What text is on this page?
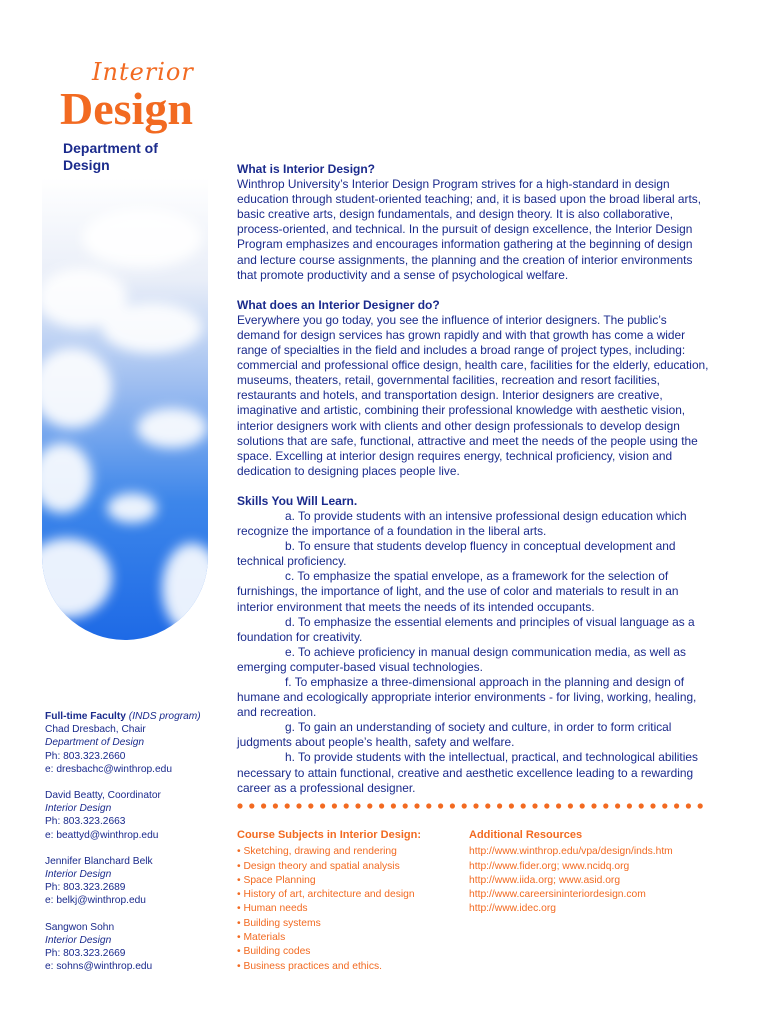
Interior
Design
Department of Design	What is Interior Design?

Winthrop University’s Interior Design Program strives for a high-standard in design education through student-oriented teaching; and, it is based upon the broad liberal arts, basic creative arts, design fundamentals, and design theory. It is also collaborative, process-oriented, and technical. In the pursuit of design excellence, the Interior Design Program emphasizes and encourages information gathering at the beginning of design and lecture course assignments, the planning and the creation of interior environments that promote productivity and a sense of psychological welfare.

What does an Interior Designer do?

Everywhere you go today, you see the influence of interior designers. The public’s demand for design services has grown rapidly and with that growth has come a wider range of specialties in the field and includes a broad range of project types, including: commercial and professional office design, health care, facilities for the elderly, education, museums, theaters, retail, governmental facilities, recreation and resort facilities, restaurants and hotels, and transportation design. Interior designers are creative, imaginative and artistic, combining their professional knowledge with aesthetic vision, interior designers work with clients and other design professionals to develop design solutions that are safe, functional, attractive and meet the needs of the people using the space. Excelling at interior design requires energy, technical proficiency, vision and dedication to designing places people live.

Skills You Will Learn.

a. To provide students with an intensive professional design education which recognize the importance of a foundation in the liberal arts.

b. To ensure that students develop fluency in conceptual development and technical proficiency.

c. To emphasize the spatial envelope, as a framework for the selection of furnishings, the importance of light, and the use of color and materials to result in an interior environment that meets the needs of its intended occupants.

d. To emphasize the essential elements and principles of visual language as a foundation for creativity.

e. To achieve proficiency in manual design communication media, as well as emerging computer-based visual technologies.

f. To emphasize a three-dimensional approach in the planning and design of humane and ecologically appropriate interior environments - for living, working, healing, and recreation.

g. To gain an understanding of society and culture, in order to form critical judgments about people’s health, safety and welfare.

h. To provide students with the intellectual, practical, and technological abilities necessary to attain functional, creative and aesthetic excellence leading to a rewarding career as a professional designer.

Full-time Faculty (INDS program)
Chad Dresbach, Chair
Department of Design
Ph: 803.323.2660
e: dresbachc@winthrop.edu
David Beatty, Coordinator
Interior Design
Ph: 803.323.2663
e: beattyd@winthrop.edu
Jennifer Blanchard Belk
Interior Design
Ph: 803.323.2689
e: belkj@winthrop.edu
Sangwon Sohn
Interior Design
Ph: 803.323.2669
e: sohns@winthrop.edu
Course Subjects in Interior Design:
• Sketching, drawing and rendering
• Design theory and spatial analysis
• Space Planning
• History of art, architecture and design
• Human needs
• Building systems
• Materials
• Building codes
• Business practices and ethics.
Additional Resources
http://www.winthrop.edu/vpa/design/inds.htm
http://www.fider.org; www.ncidq.org
http://www.iida.org; www.asid.org
http://www.careersininteriordesign.com
http://www.idec.org
